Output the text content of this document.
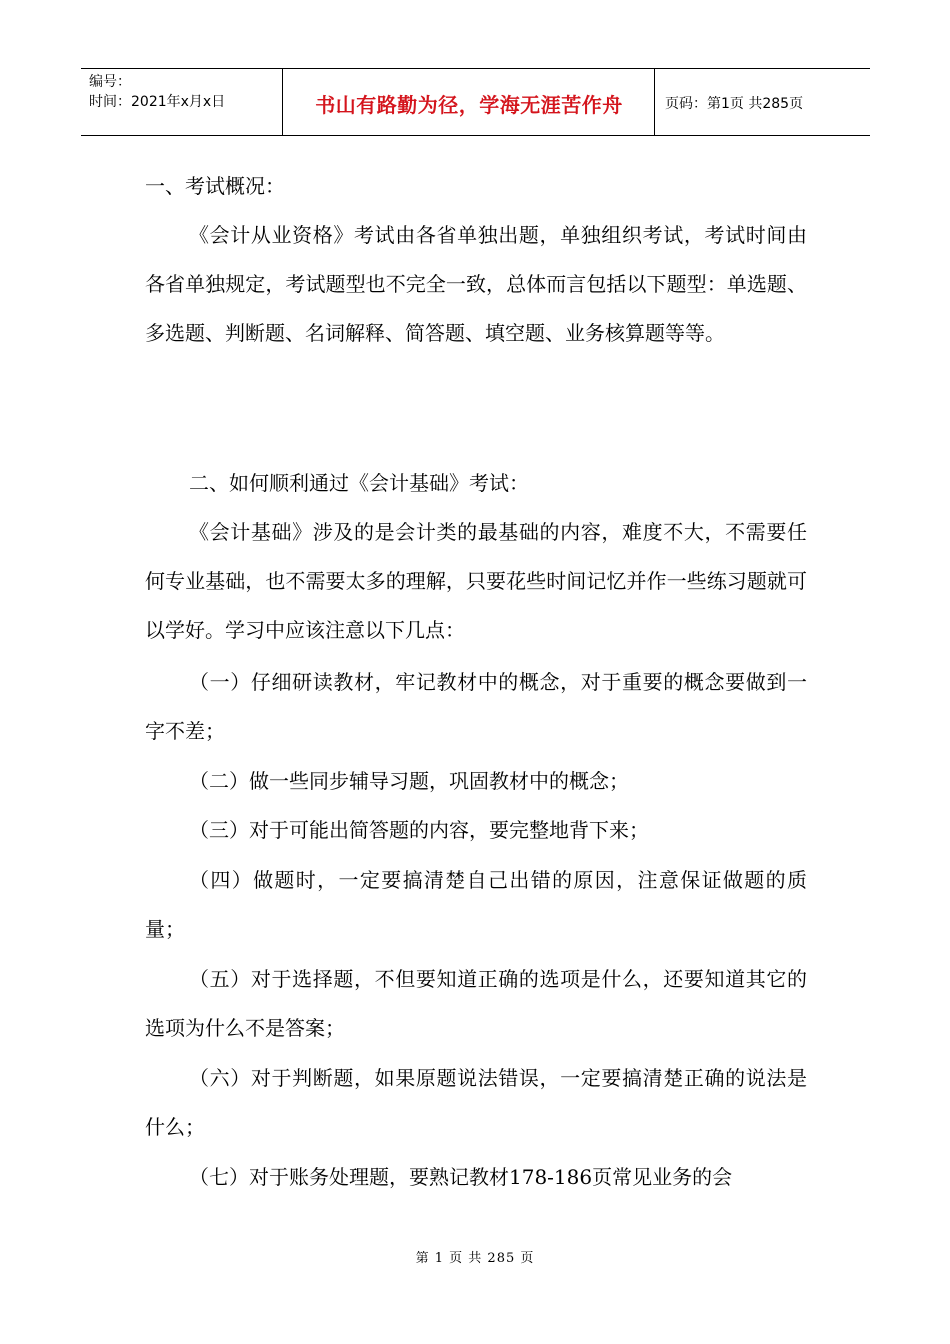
编号：
时间：2021年x月x日	书山有路勤为径，学海无涯苦作舟	页码：第1页 共285页
一、考试概况：
《会计从业资格》考试由各省单独出题，单独组织考试，考试时间由各省单独规定，考试题型也不完全一致，总体而言包括以下题型：单选题、多选题、判断题、名词解释、简答题、填空题、业务核算题等等。
二、如何顺利通过《会计基础》考试：
《会计基础》涉及的是会计类的最基础的内容，难度不大，不需要任何专业基础，也不需要太多的理解，只要花些时间记忆并作一些练习题就可以学好。学习中应该注意以下几点：
（一）仔细研读教材，牢记教材中的概念，对于重要的概念要做到一字不差；
（二）做一些同步辅导习题，巩固教材中的概念；
（三）对于可能出简答题的内容，要完整地背下来；
（四）做题时，一定要搞清楚自己出错的原因，注意保证做题的质量；
（五）对于选择题，不但要知道正确的选项是什么，还要知道其它的选项为什么不是答案；
（六）对于判断题，如果原题说法错误，一定要搞清楚正确的说法是什么；
（七）对于账务处理题，要熟记教材178-186页常见业务的会
第 1 页 共 285 页
